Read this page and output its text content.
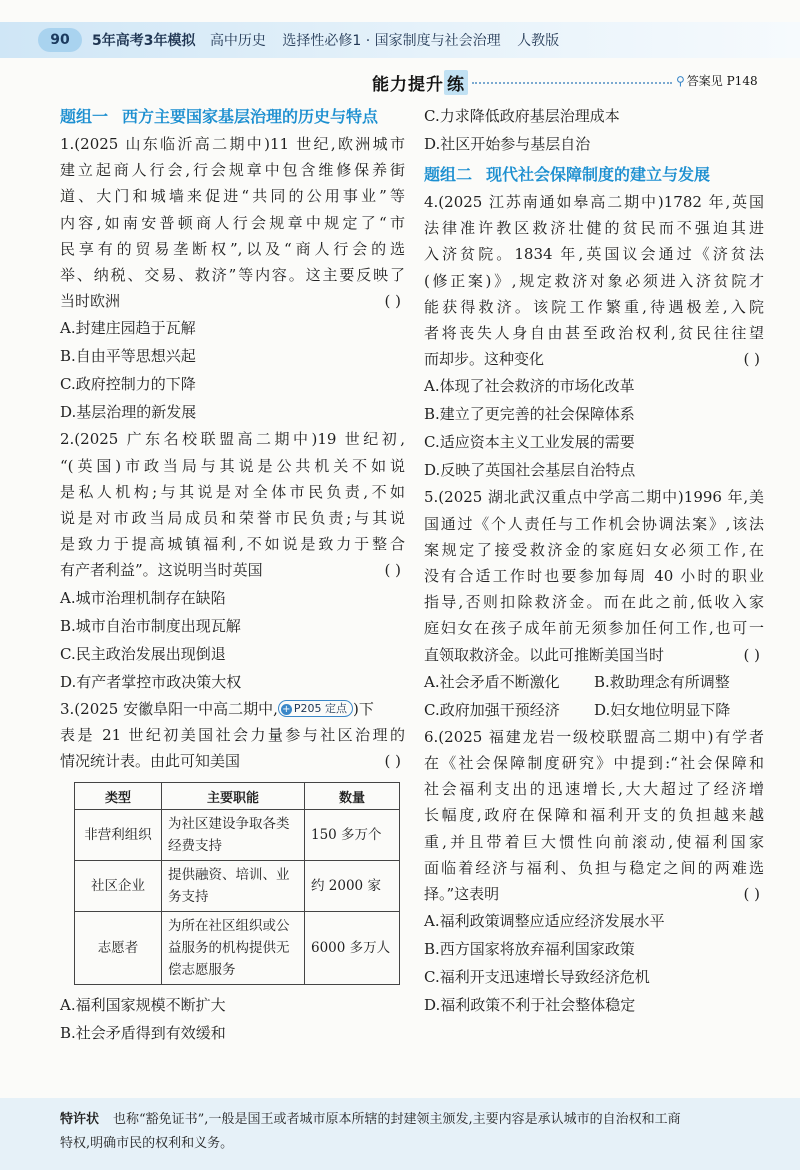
90	5年高考3年模拟 高中历史 选择性必修1 · 国家制度与社会治理 人教版
能力提升 练	⚲ 答案见 P148
题组一 西方主要国家基层治理的历史与特点
1.(2025 山东临沂高二期中)11 世纪,欧洲城市
建立起商人行会,行会规章中包含维修保养街
道、大门和城墙来促进“共同的公用事业”等
内容,如南安普顿商人行会规章中规定了“市
民享有的贸易垄断权”,以及“商人行会的选
举、纳税、交易、救济”等内容。这主要反映了
当时欧洲	( )
A.封建庄园趋于瓦解
B.自由平等思想兴起
C.政府控制力的下降
D.基层治理的新发展
2.(2025 广东名校联盟高二期中)19 世纪初,
“(英国)市政当局与其说是公共机关不如说
是私人机构;与其说是对全体市民负责,不如
说是对市政当局成员和荣誉市民负责;与其说
是致力于提高城镇福利,不如说是致力于整合
有产者利益”。这说明当时英国	( )
A.城市治理机制存在缺陷
B.城市自治市制度出现瓦解
C.民主政治发展出现倒退
D.有产者掌控市政决策大权
3.(2025 安徽阜阳一中高二期中, + P205 定点 )下
表是 21 世纪初美国社会力量参与社区治理的
情况统计表。由此可知美国	( )
类型	主要职能	数量
非营利组织	为社区建设争取各类经费支持	150 多万个
社区企业	提供融资、培训、业务支持	约 2000 家
志愿者	为所在社区组织或公益服务的机构提供无偿志愿服务	6000 多万人
A.福利国家规模不断扩大
B.社会矛盾得到有效缓和
C.力求降低政府基层治理成本
D.社区开始参与基层自治
题组二 现代社会保障制度的建立与发展
4.(2025 江苏南通如皋高二期中)1782 年,英国
法律准许教区救济壮健的贫民而不强迫其进
入济贫院。1834 年,英国议会通过《济贫法
(修正案)》,规定救济对象必须进入济贫院才
能获得救济。该院工作繁重,待遇极差,入院
者将丧失人身自由甚至政治权利,贫民往往望
而却步。这种变化	( )
A.体现了社会救济的市场化改革
B.建立了更完善的社会保障体系
C.适应资本主义工业发展的需要
D.反映了英国社会基层自治特点
5.(2025 湖北武汉重点中学高二期中)1996 年,美
国通过《个人责任与工作机会协调法案》,该法
案规定了接受救济金的家庭妇女必须工作,在
没有合适工作时也要参加每周 40 小时的职业
指导,否则扣除救济金。而在此之前,低收入家
庭妇女在孩子成年前无须参加任何工作,也可一
直领取救济金。以此可推断美国当时	( )
A.社会矛盾不断激化	B.救助理念有所调整
C.政府加强干预经济	D.妇女地位明显下降
6.(2025 福建龙岩一级校联盟高二期中)有学者
在《社会保障制度研究》中提到:“社会保障和
社会福利支出的迅速增长,大大超过了经济增
长幅度,政府在保障和福利开支的负担越来越
重,并且带着巨大惯性向前滚动,使福利国家
面临着经济与福利、负担与稳定之间的两难选
择。”这表明	( )
A.福利政策调整应适应经济发展水平
B.西方国家将放弃福利国家政策
C.福利开支迅速增长导致经济危机
D.福利政策不利于社会整体稳定
特许状 也称“豁免证书”,一般是国王或者城市原本所辖的封建领主颁发,主要内容是承认城市的自治权和工商
特权,明确市民的权利和义务。
